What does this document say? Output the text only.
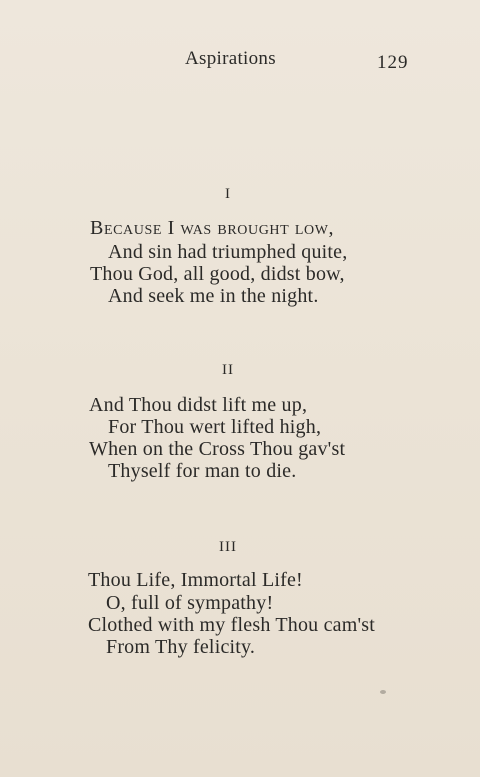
Aspirations	129
I
Because I was brought low,
And sin had triumphed quite,
Thou God, all good, didst bow,
And seek me in the night.
II
And Thou didst lift me up,
For Thou wert lifted high,
When on the Cross Thou gav'st
Thyself for man to die.
III
Thou Life, Immortal Life!
O, full of sympathy!
Clothed with my flesh Thou cam'st
From Thy felicity.
